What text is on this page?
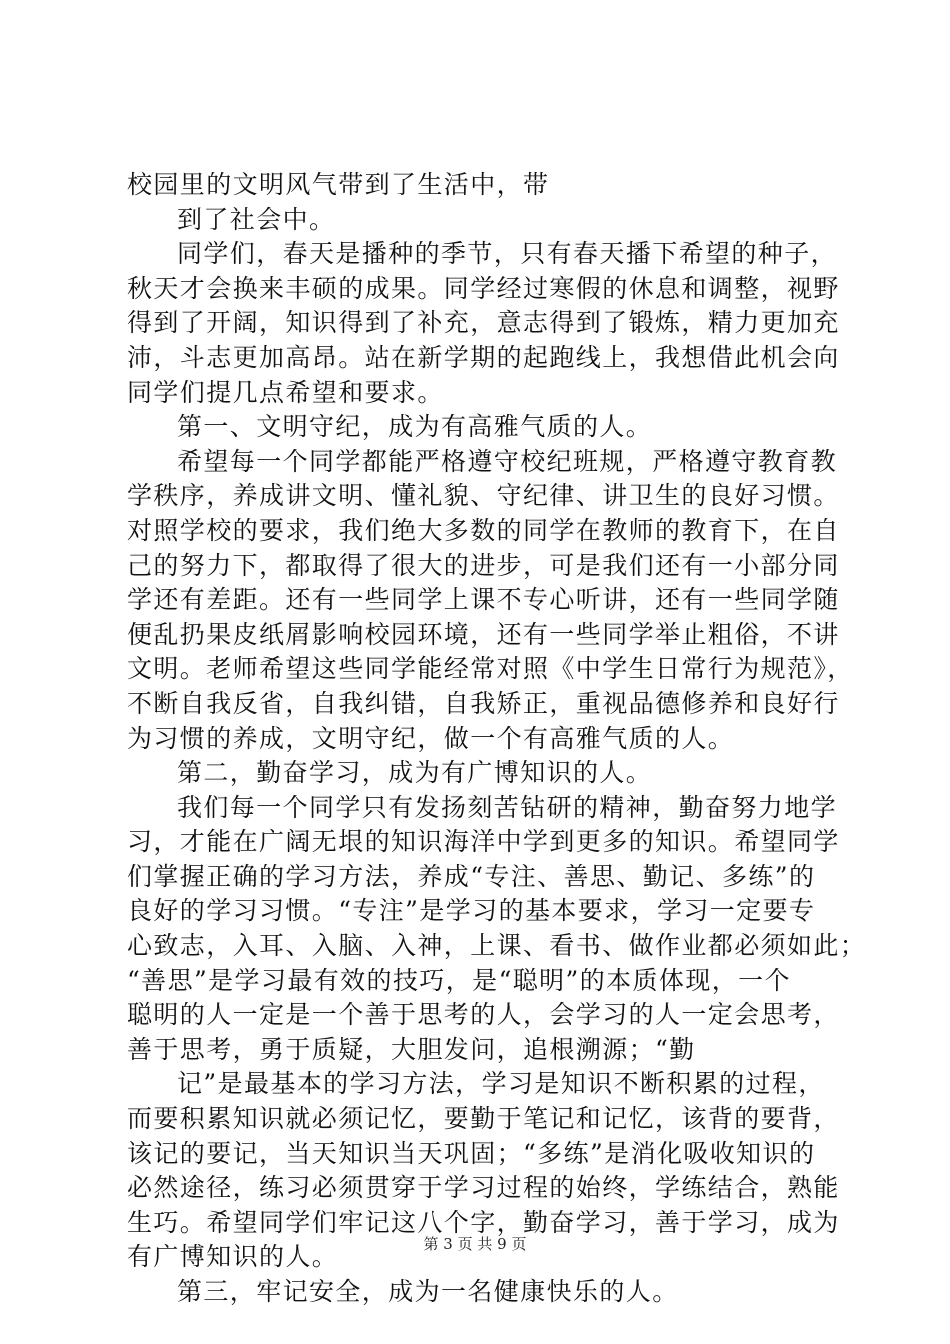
校园里的文明风气带到了生活中，带
到了社会中。
同学们，春天是播种的季节，只有春天播下希望的种子，
秋天才会换来丰硕的成果。同学经过寒假的休息和调整，视野
得到了开阔，知识得到了补充，意志得到了锻炼，精力更加充
沛，斗志更加高昂。站在新学期的起跑线上，我想借此机会向
同学们提几点希望和要求。
第一、文明守纪，成为有高雅气质的人。
希望每一个同学都能严格遵守校纪班规，严格遵守教育教
学秩序，养成讲文明、懂礼貌、守纪律、讲卫生的良好习惯。
对照学校的要求，我们绝大多数的同学在教师的教育下，在自
己的努力下，都取得了很大的进步，可是我们还有一小部分同
学还有差距。还有一些同学上课不专心听讲，还有一些同学随
便乱扔果皮纸屑影响校园环境，还有一些同学举止粗俗，不讲
文明。老师希望这些同学能经常对照《中学生日常行为规范》，
不断自我反省，自我纠错，自我矫正，重视品德修养和良好行
为习惯的养成，文明守纪，做一个有高雅气质的人。
第二，勤奋学习，成为有广博知识的人。
我们每一个同学只有发扬刻苦钻研的精神，勤奋努力地学
习，才能在广阔无垠的知识海洋中学到更多的知识。希望同学
们掌握正确的学习方法，养成“专注、善思、勤记、多练”的
良好的学习习惯。“专注”是学习的基本要求，学习一定要专
心致志，入耳、入脑、入神，上课、看书、做作业都必须如此；
“善思”是学习最有效的技巧，是“聪明”的本质体现，一个
聪明的人一定是一个善于思考的人，会学习的人一定会思考，
善于思考，勇于质疑，大胆发问，追根溯源；“勤
记”是最基本的学习方法，学习是知识不断积累的过程，
而要积累知识就必须记忆，要勤于笔记和记忆，该背的要背，
该记的要记，当天知识当天巩固；“多练”是消化吸收知识的
必然途径，练习必须贯穿于学习过程的始终，学练结合，熟能
生巧。希望同学们牢记这八个字，勤奋学习，善于学习，成为
有广博知识的人。
第三，牢记安全，成为一名健康快乐的人。
第 3 页 共 9 页
